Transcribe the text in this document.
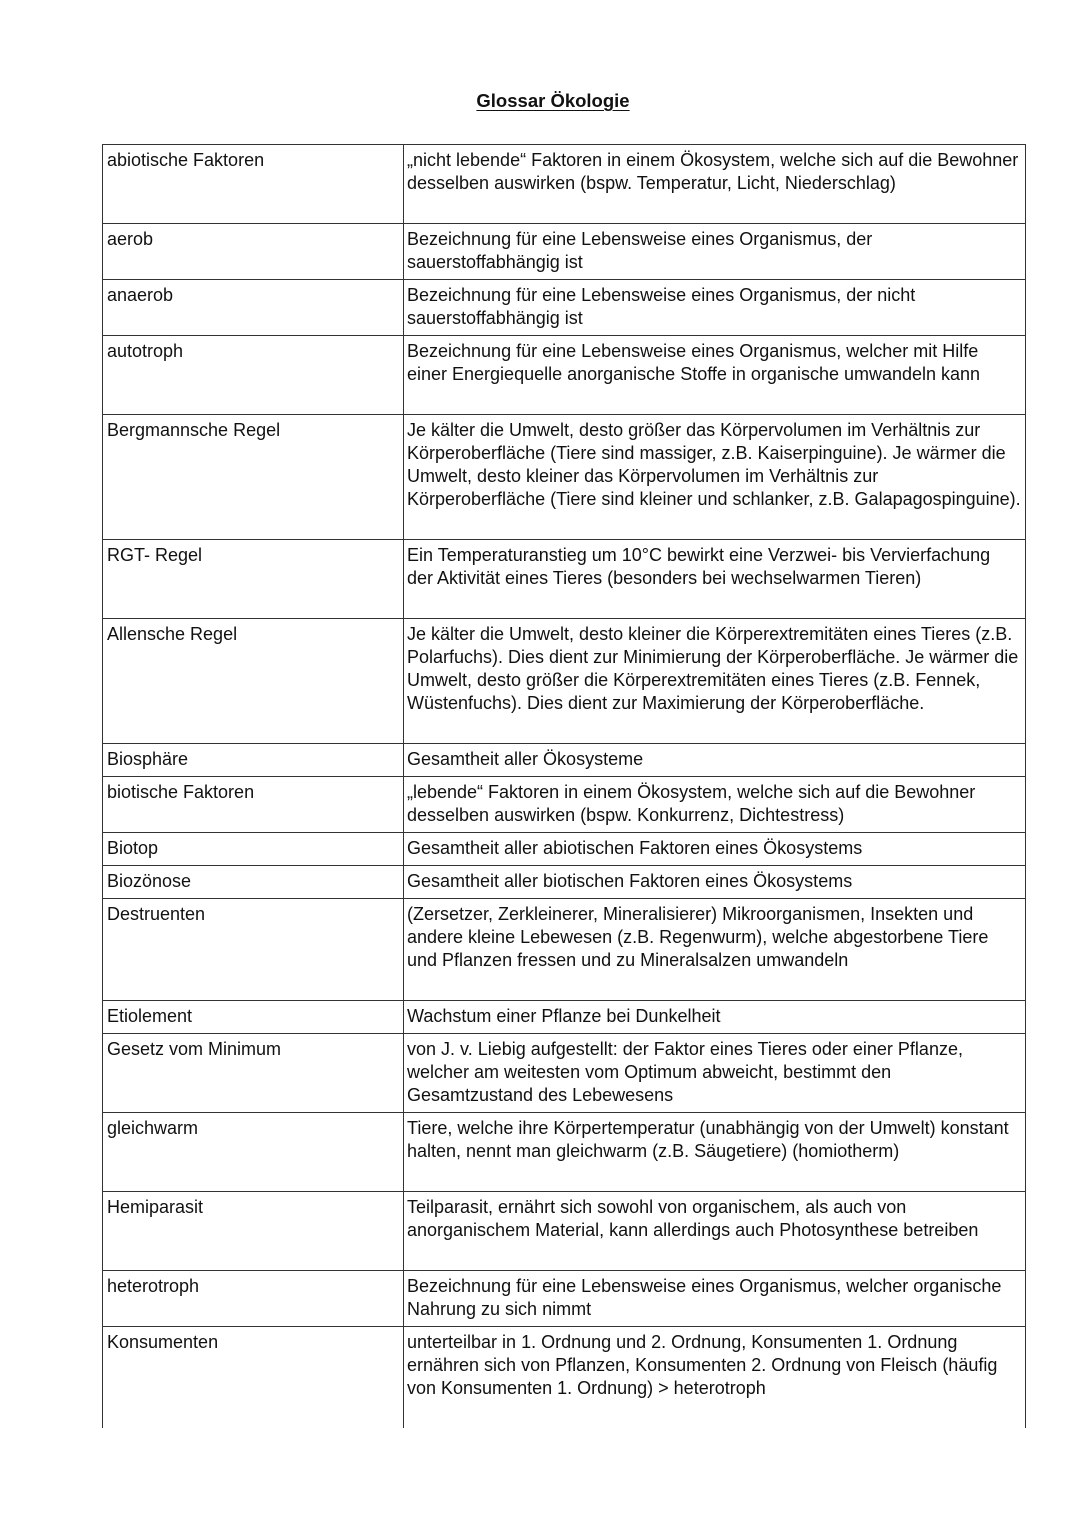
Glossar Ökologie
abiotische Faktoren	„nicht lebende“ Faktoren in einem Ökosystem, welche sich auf die Bewohner desselben auswirken (bspw. Temperatur, Licht, Niederschlag)
aerob	Bezeichnung für eine Lebensweise eines Organismus, der sauerstoffabhängig ist
anaerob	Bezeichnung für eine Lebensweise eines Organismus, der nicht sauerstoffabhängig ist
autotroph	Bezeichnung für eine Lebensweise eines Organismus, welcher mit Hilfe einer Energiequelle anorganische Stoffe in organische umwandeln kann
Bergmannsche Regel	Je kälter die Umwelt, desto größer das Körpervolumen im Verhältnis zur Körperoberfläche (Tiere sind massiger, z.B. Kaiserpinguine). Je wärmer die Umwelt, desto kleiner das Körpervolumen im Verhältnis zur Körperoberfläche (Tiere sind kleiner und schlanker, z.B. Galapagospinguine).
RGT- Regel	Ein Temperaturanstieg um 10°C bewirkt eine Verzwei- bis Vervierfachung der Aktivität eines Tieres (besonders bei wechselwarmen Tieren)
Allensche Regel	Je kälter die Umwelt, desto kleiner die Körperextremitäten eines Tieres (z.B. Polarfuchs). Dies dient zur Minimierung der Körperoberfläche. Je wärmer die Umwelt, desto größer die Körperextremitäten eines Tieres (z.B. Fennek, Wüstenfuchs). Dies dient zur Maximierung der Körperoberfläche.
Biosphäre	Gesamtheit aller Ökosysteme
biotische Faktoren	„lebende“ Faktoren in einem Ökosystem, welche sich auf die Bewohner desselben auswirken (bspw. Konkurrenz, Dichtestress)
Biotop	Gesamtheit aller abiotischen Faktoren eines Ökosystems
Biozönose	Gesamtheit aller biotischen Faktoren eines Ökosystems
Destruenten	(Zersetzer, Zerkleinerer, Mineralisierer) Mikroorganismen, Insekten und andere kleine Lebewesen (z.B. Regenwurm), welche abgestorbene Tiere und Pflanzen fressen und zu Mineralsalzen umwandeln
Etiolement	Wachstum einer Pflanze bei Dunkelheit
Gesetz vom Minimum	von J. v. Liebig aufgestellt: der Faktor eines Tieres oder einer Pflanze, welcher am weitesten vom Optimum abweicht, bestimmt den Gesamtzustand des Lebewesens
gleichwarm	Tiere, welche ihre Körpertemperatur (unabhängig von der Umwelt) konstant halten, nennt man gleichwarm (z.B. Säugetiere) (homiotherm)
Hemiparasit	Teilparasit, ernährt sich sowohl von organischem, als auch von anorganischem Material, kann allerdings auch Photosynthese betreiben
heterotroph	Bezeichnung für eine Lebensweise eines Organismus, welcher organische Nahrung zu sich nimmt
Konsumenten	unterteilbar in 1. Ordnung und 2. Ordnung, Konsumenten 1. Ordnung ernähren sich von Pflanzen, Konsumenten 2. Ordnung von Fleisch (häufig von Konsumenten 1. Ordnung) > heterotroph
